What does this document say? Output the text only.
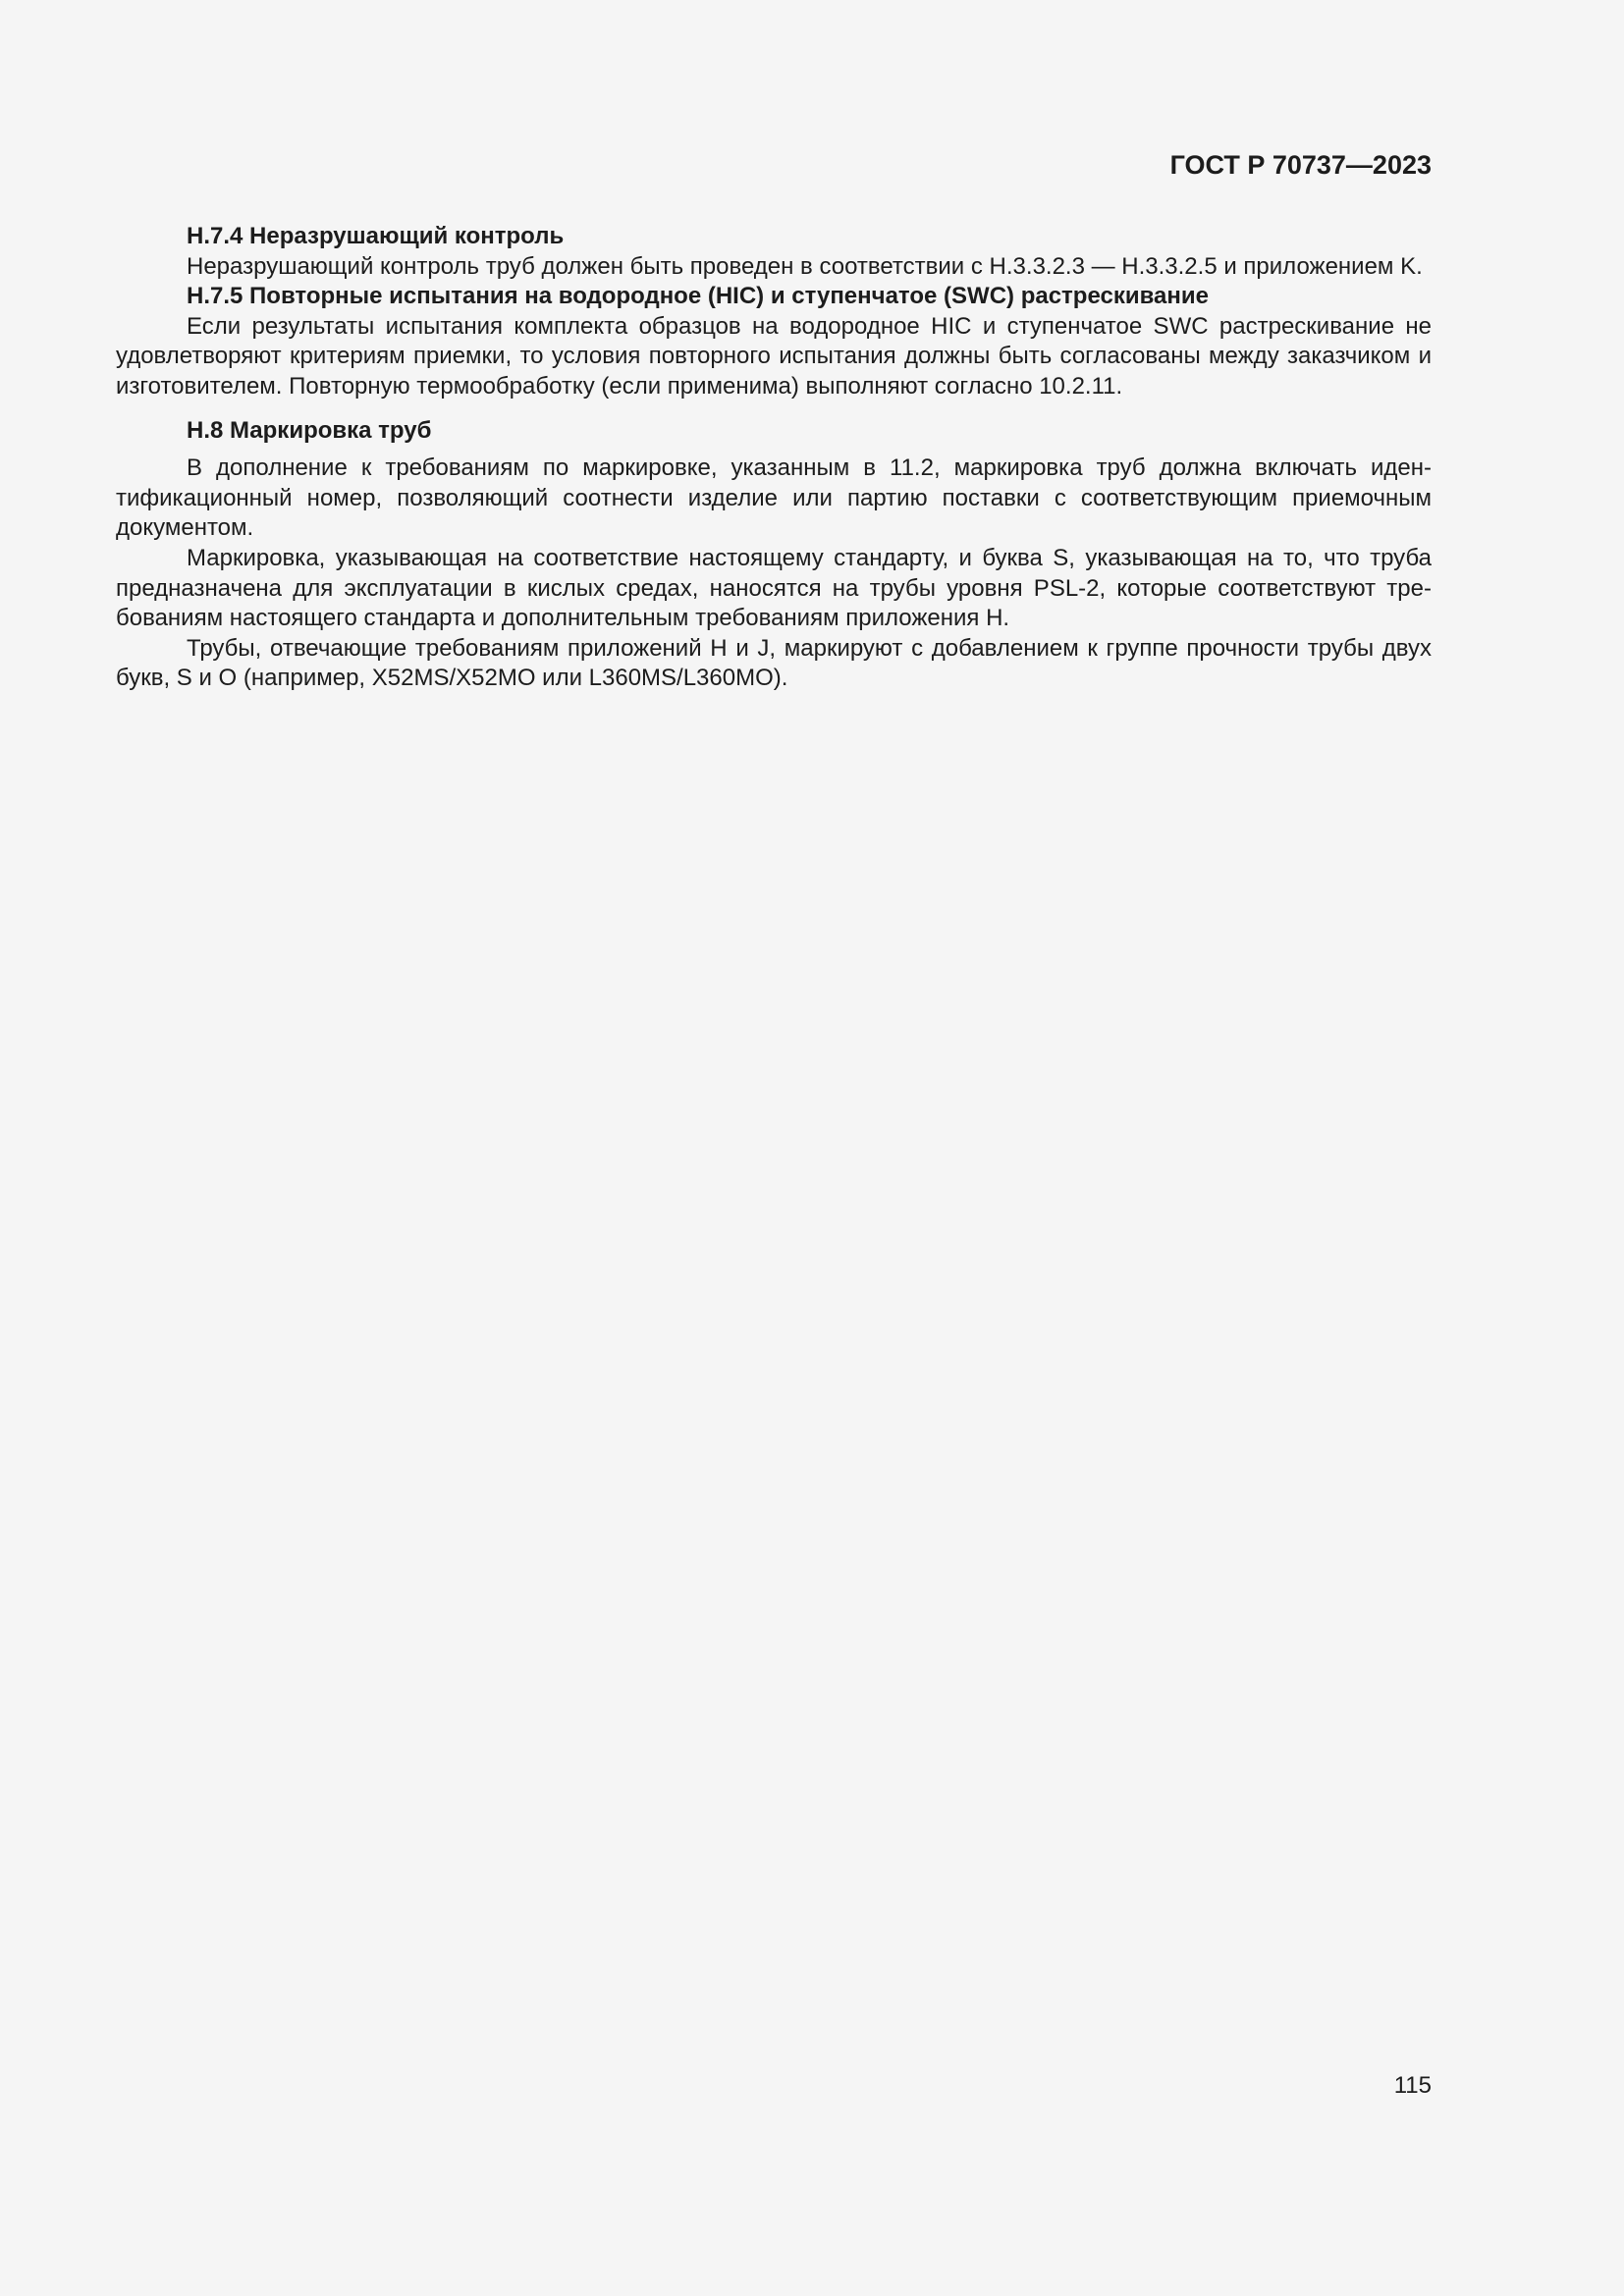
ГОСТ Р 70737—2023

Н.7.4 Неразрушающий контроль

Неразрушающий контроль труб должен быть проведен в соответствии с Н.3.3.2.3 — Н.3.3.2.5 и приложением K.

Н.7.5 Повторные испытания на водородное (HIC) и ступенчатое (SWC) растрескивание

Если результаты испытания комплекта образцов на водородное HIC и ступенчатое SWC растрескивание не удовлетворяют критериям приемки, то условия повторного испытания должны быть согласованы между заказчиком и изготовителем. Повторную термообработку (если применима) выполняют согласно 10.2.11.

Н.8 Маркировка труб

В дополнение к требованиям по маркировке, указанным в 11.2, маркировка труб должна включать идентификационный номер, позволяющий соотнести изделие или партию поставки с соответствующим приемочным документом.

Маркировка, указывающая на соответствие настоящему стандарту, и буква S, указывающая на то, что труба предназначена для эксплуатации в кислых средах, наносятся на трубы уровня PSL-2, которые соответствуют требованиям настоящего стандарта и дополнительным требованиям приложения Н.

Трубы, отвечающие требованиям приложений Н и J, маркируют с добавлением к группе прочности трубы двух букв, S и O (например, X52MS/X52MO или L360MS/L360MO).

115
